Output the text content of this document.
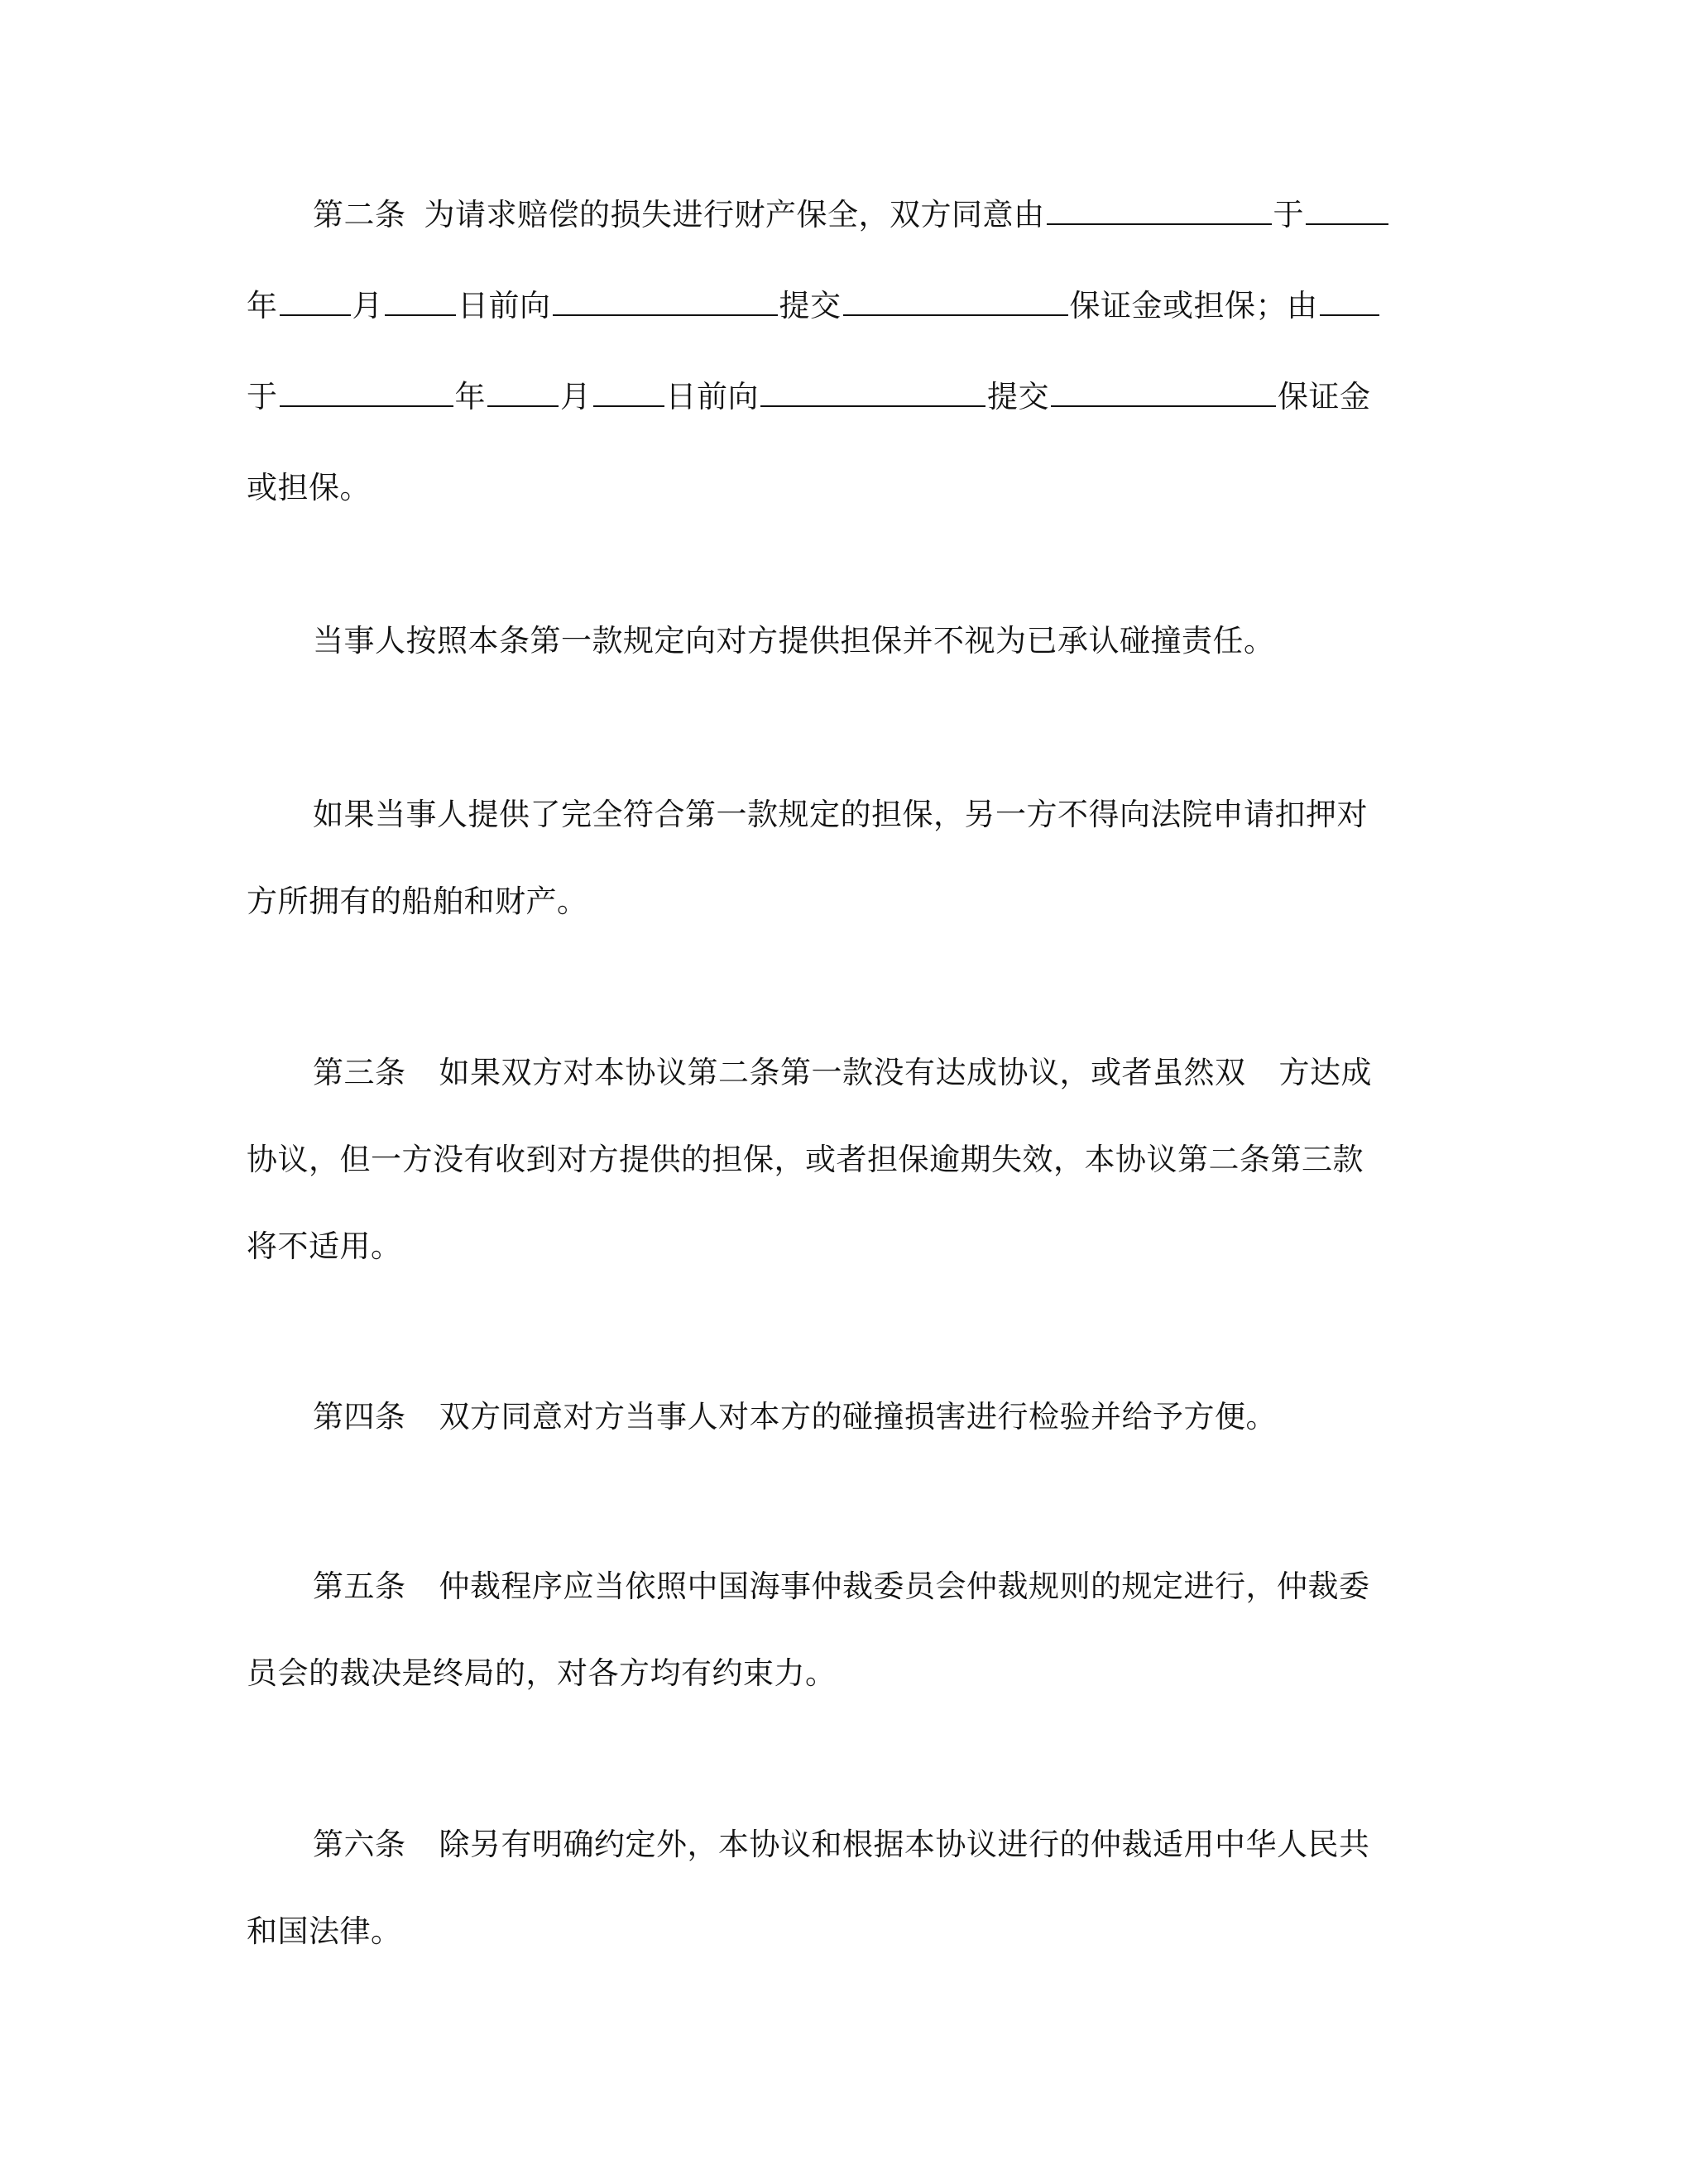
第二条 为请求赔偿的损失进行财产保全，双方同意由	于
年 月 日前向	提交	保证金或担保；由
于	年 月 日前向	提交	保证金
或担保。
当事人按照本条第一款规定向对方提供担保并不视为已承认碰撞责任。
如果当事人提供了完全符合第一款规定的担保，另一方不得向法院申请扣押对
方所拥有的船舶和财产。
第三条 如果双方对本协议第二条第一款没有达成协议，或者虽然双 方达成
协议，但一方没有收到对方提供的担保，或者担保逾期失效，本协议第二条第三款
将不适用。
第四条 双方同意对方当事人对本方的碰撞损害进行检验并给予方便。
第五条 仲裁程序应当依照中国海事仲裁委员会仲裁规则的规定进行，仲裁委
员会的裁决是终局的，对各方均有约束力。
第六条 除另有明确约定外，本协议和根据本协议进行的仲裁适用中华人民共
和国法律。
